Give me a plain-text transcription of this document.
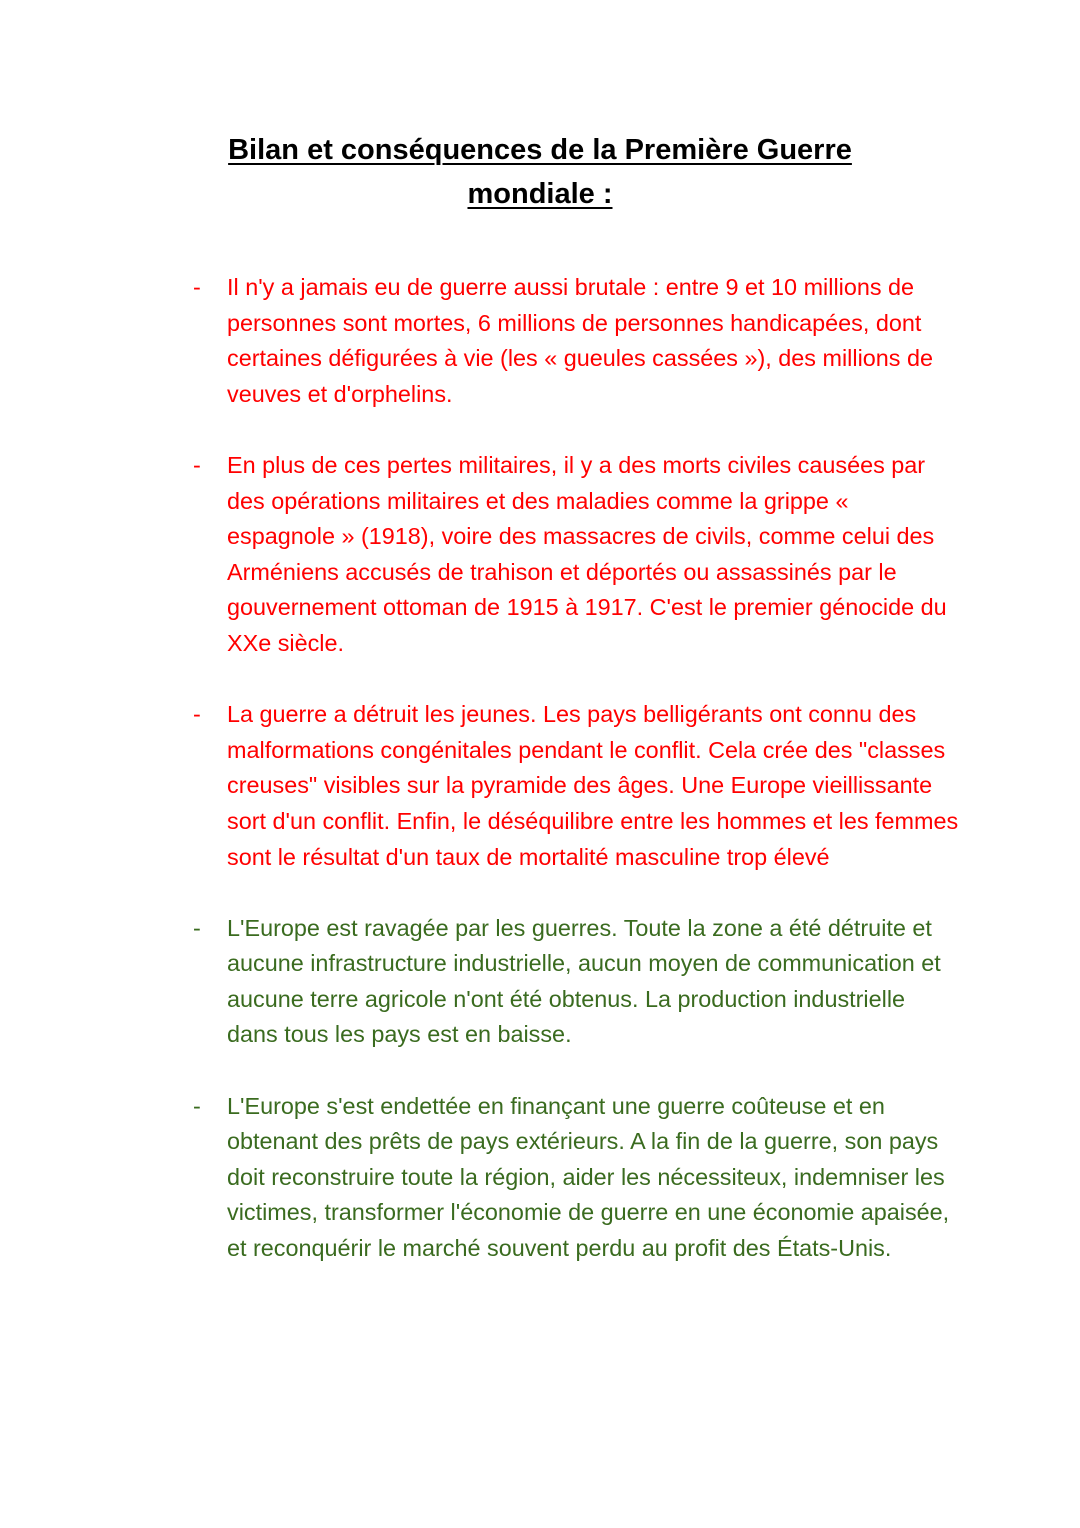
Bilan et conséquences de la Première Guerre
mondiale :
- Il n'y a jamais eu de guerre aussi brutale : entre 9 et 10 millions de personnes sont mortes, 6 millions de personnes handicapées, dont certaines défigurées à vie (les « gueules cassées »), des millions de veuves et d'orphelins.
- En plus de ces pertes militaires, il y a des morts civiles causées par des opérations militaires et des maladies comme la grippe « espagnole » (1918), voire des massacres de civils, comme celui des Arméniens accusés de trahison et déportés ou assassinés par le gouvernement ottoman de 1915 à 1917. C'est le premier génocide du XXe siècle.
- La guerre a détruit les jeunes. Les pays belligérants ont connu des malformations congénitales pendant le conflit. Cela crée des "classes creuses" visibles sur la pyramide des âges. Une Europe vieillissante sort d'un conflit. Enfin, le déséquilibre entre les hommes et les femmes sont le résultat d'un taux de mortalité masculine trop élevé
- L'Europe est ravagée par les guerres. Toute la zone a été détruite et aucune infrastructure industrielle, aucun moyen de communication et aucune terre agricole n'ont été obtenus. La production industrielle dans tous les pays est en baisse.
- L'Europe s'est endettée en finançant une guerre coûteuse et en obtenant des prêts de pays extérieurs. A la fin de la guerre, son pays doit reconstruire toute la région, aider les nécessiteux, indemniser les victimes, transformer l'économie de guerre en une économie apaisée, et reconquérir le marché souvent perdu au profit des États-Unis.
